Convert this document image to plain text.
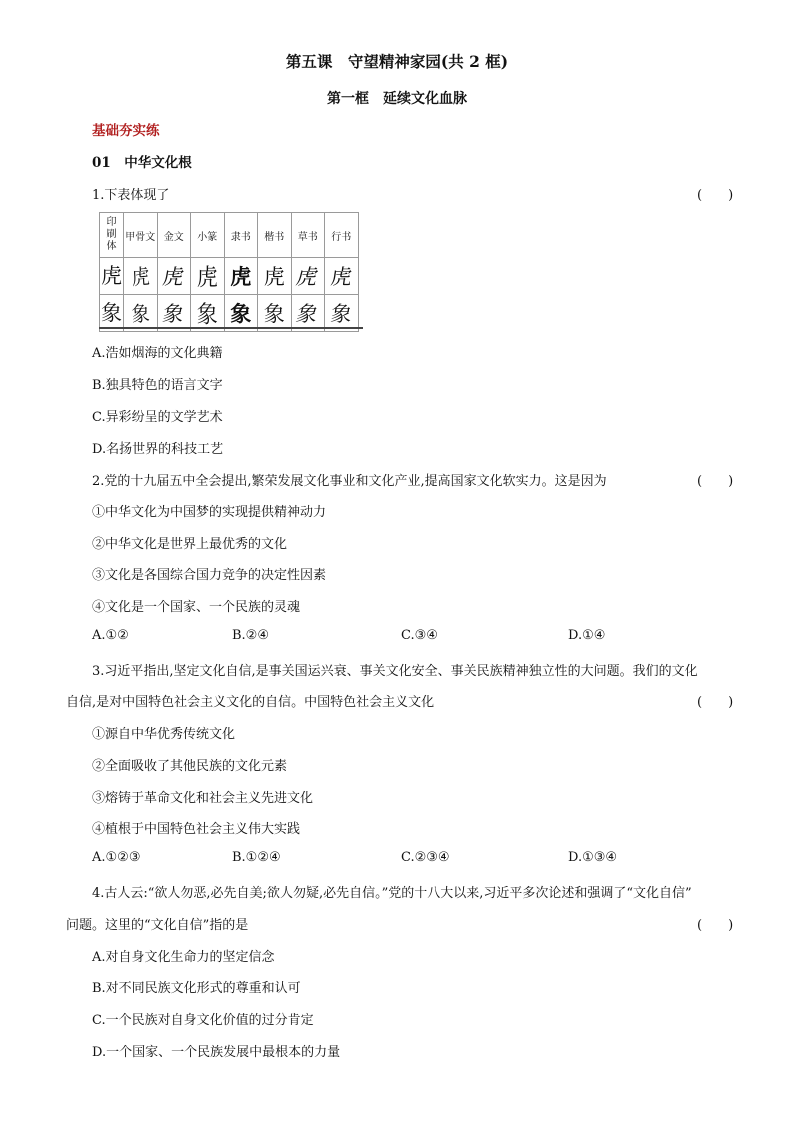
第五课　守望精神家园(共 2 框)
第一框　延续文化血脉
基础夯实练
01　中华文化根
1.下表体现了	(　　)
印刷体	甲骨文	金文	小篆	隶书	楷书	草书	行书
虎	虎	虎	虎	虎	虎	虎	虎
象	象	象	象	象	象	象	象
A.浩如烟海的文化典籍
B.独具特色的语言文字
C.异彩纷呈的文学艺术
D.名扬世界的科技工艺
2.党的十九届五中全会提出,繁荣发展文化事业和文化产业,提高国家文化软实力。这是因为	(　　)
①中华文化为中国梦的实现提供精神动力
②中华文化是世界上最优秀的文化
③文化是各国综合国力竞争的决定性因素
④文化是一个国家、一个民族的灵魂
A.①②	B.②④	C.③④	D.①④
3.习近平指出,坚定文化自信,是事关国运兴衰、事关文化安全、事关民族精神独立性的大问题。我们的文化
自信,是对中国特色社会主义文化的自信。中国特色社会主义文化	(　　)
①源自中华优秀传统文化
②全面吸收了其他民族的文化元素
③熔铸于革命文化和社会主义先进文化
④植根于中国特色社会主义伟大实践
A.①②③	B.①②④	C.②③④	D.①③④
4.古人云:“欲人勿恶,必先自美;欲人勿疑,必先自信。”党的十八大以来,习近平多次论述和强调了“文化自信”
问题。这里的“文化自信”指的是	(　　)
A.对自身文化生命力的坚定信念
B.对不同民族文化形式的尊重和认可
C.一个民族对自身文化价值的过分肯定
D.一个国家、一个民族发展中最根本的力量
